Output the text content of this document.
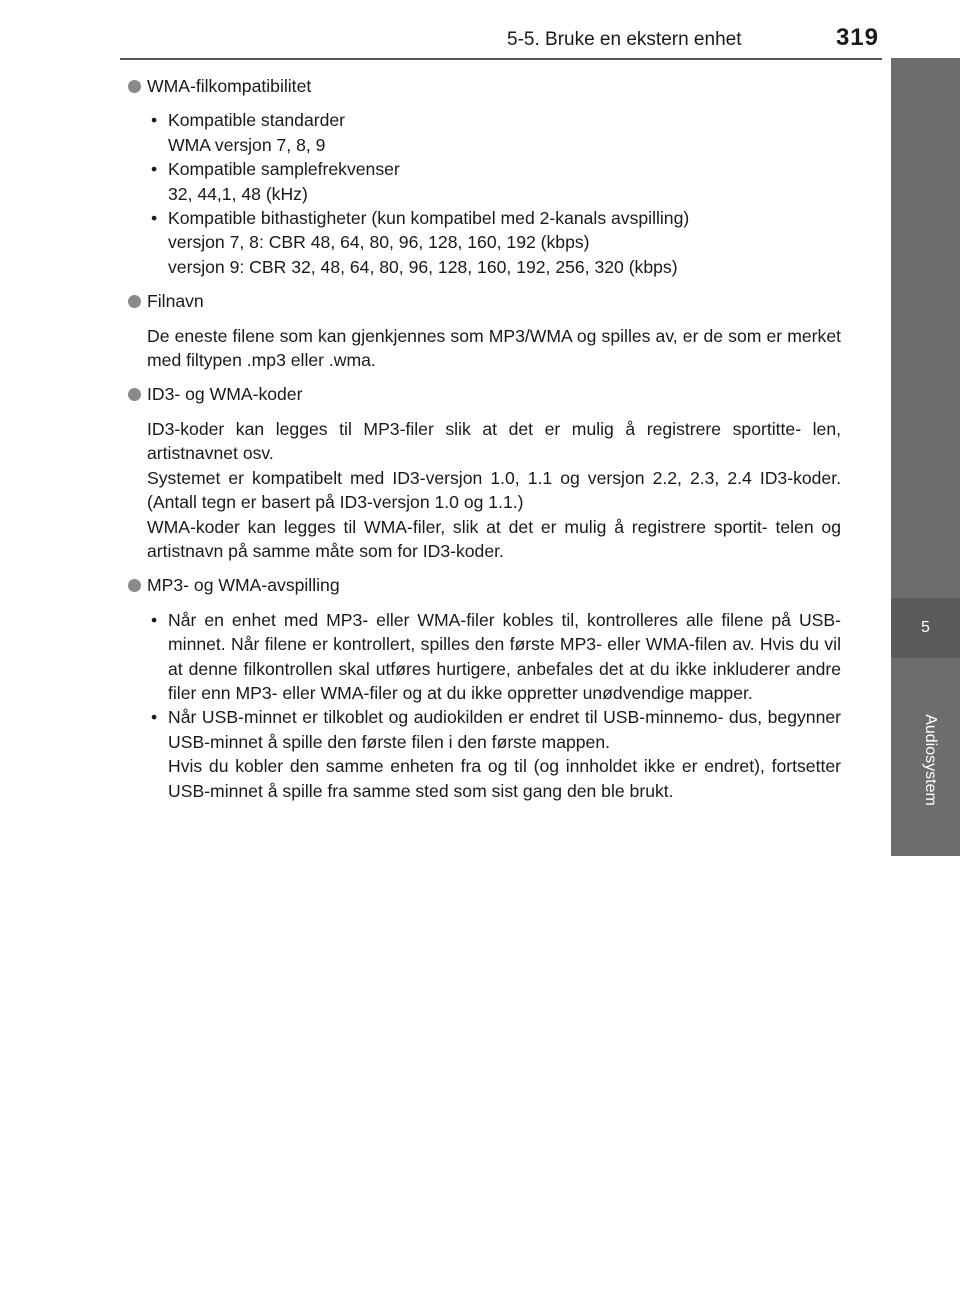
5-5. Bruke en ekstern enhet	319
5
Audiosystem
WMA-filkompatibilitet
• Kompatible standarder
WMA versjon 7, 8, 9
• Kompatible samplefrekvenser
32, 44,1, 48 (kHz)
• Kompatible bithastigheter (kun kompatibel med 2-kanals avspilling)
versjon 7, 8: CBR 48, 64, 80, 96, 128, 160, 192 (kbps)
versjon 9: CBR 32, 48, 64, 80, 96, 128, 160, 192, 256, 320 (kbps)
Filnavn

De eneste filene som kan gjenkjennes som MP3/WMA og spilles av, er de som er merket med filtypen .mp3 eller .wma.

ID3- og WMA-koder

ID3-koder kan legges til MP3-filer slik at det er mulig å registrere sportitte- len, artistnavnet osv.

Systemet er kompatibelt med ID3-versjon 1.0, 1.1 og versjon 2.2, 2.3, 2.4 ID3-koder. (Antall tegn er basert på ID3-versjon 1.0 og 1.1.)

WMA-koder kan legges til WMA-filer, slik at det er mulig å registrere sportit- telen og artistnavn på samme måte som for ID3-koder.

MP3- og WMA-avspilling
• Når en enhet med MP3- eller WMA-filer kobles til, kontrolleres alle filene på USB-minnet. Når filene er kontrollert, spilles den første MP3- eller WMA-filen av. Hvis du vil at denne filkontrollen skal utføres hurtigere, anbefales det at du ikke inkluderer andre filer enn MP3- eller WMA-filer og at du ikke oppretter unødvendige mapper.
• Når USB-minnet er tilkoblet og audiokilden er endret til USB-minnemo- dus, begynner USB-minnet å spille den første filen i den første mappen.
Hvis du kobler den samme enheten fra og til (og innholdet ikke er endret), fortsetter USB-minnet å spille fra samme sted som sist gang den ble brukt.
